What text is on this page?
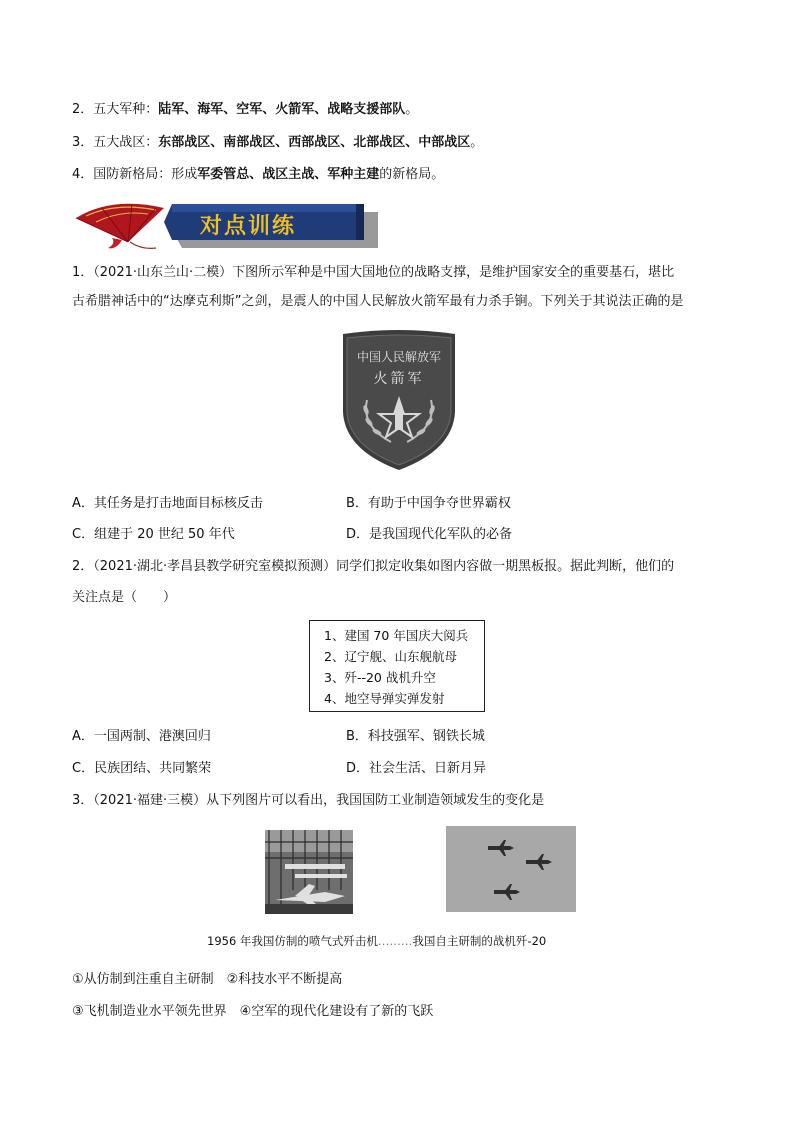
2．五大军种：陆军、海军、空军、火箭军、战略支援部队。
3．五大战区：东部战区、南部战区、西部战区、北部战区、中部战区。
4．国防新格局：形成军委管总、战区主战、军种主建的新格局。
对点训练
1．（2021·山东兰山·二模）下图所示军种是中国大国地位的战略支撑，是维护国家安全的重要基石，堪比
古希腊神话中的“达摩克利斯”之剑，是震人的中国人民解放火箭军最有力杀手锏。下列关于其说法正确的是
中国人民解放军
火箭军
A．其任务是打击地面目标核反击	B．有助于中国争夺世界霸权
C．组建于 20 世纪 50 年代	D．是我国现代化军队的必备
2．（2021·湖北·孝昌县教学研究室模拟预测）同学们拟定收集如图内容做一期黑板报。据此判断，他们的
关注点是（　　）
1、建国 70 年国庆大阅兵
2、辽宁舰、山东舰航母
3、歼--20 战机升空
4、地空导弹实弹发射
A．一国两制、港澳回归	B．科技强军、钢铁长城
C．民族团结、共同繁荣	D．社会生活、日新月异
3．（2021·福建·三模）从下列图片可以看出，我国国防工业制造领域发生的变化是
1956 年我国仿制的喷气式歼击机………我国自主研制的战机歼-20
①从仿制到注重自主研制　②科技水平不断提高
③飞机制造业水平领先世界　④空军的现代化建设有了新的飞跃
